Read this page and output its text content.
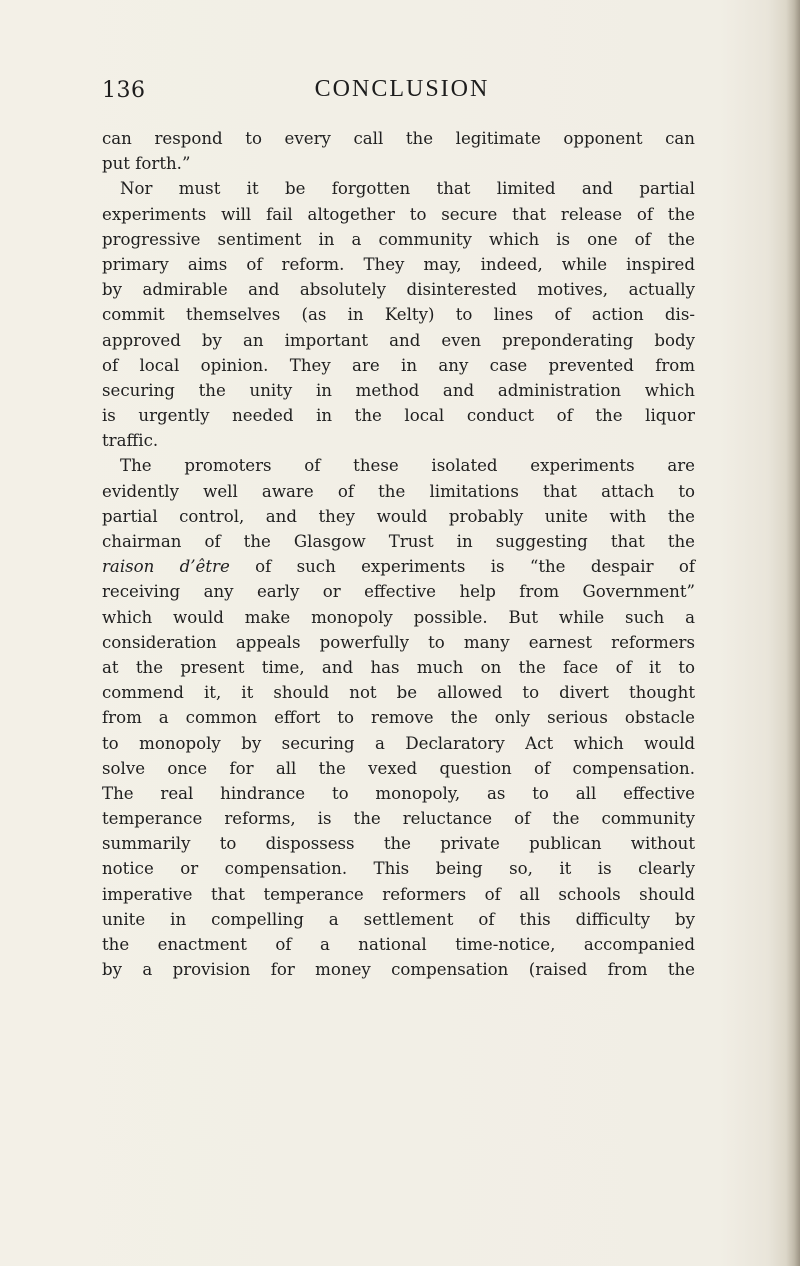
136	CONCLUSION
can respond to every call the legitimate opponent can
put forth.”
Nor must it be forgotten that limited and partial
experiments will fail altogether to secure that release of the
progressive sentiment in a community which is one of the
primary aims of reform. They may, indeed, while inspired
by admirable and absolutely disinterested motives, actually
commit themselves (as in Kelty) to lines of action dis-
approved by an important and even preponderating body
of local opinion. They are in any case prevented from
securing the unity in method and administration which
is urgently needed in the local conduct of the liquor
traffic.
The promoters of these isolated experiments are
evidently well aware of the limitations that attach to
partial control, and they would probably unite with the
chairman of the Glasgow Trust in suggesting that the
raison d’être of such experiments is “the despair of
receiving any early or effective help from Government”
which would make monopoly possible. But while such a
consideration appeals powerfully to many earnest reformers
at the present time, and has much on the face of it to
commend it, it should not be allowed to divert thought
from a common effort to remove the only serious obstacle
to monopoly by securing a Declaratory Act which would
solve once for all the vexed question of compensation.
The real hindrance to monopoly, as to all effective
temperance reforms, is the reluctance of the community
summarily to dispossess the private publican without
notice or compensation. This being so, it is clearly
imperative that temperance reformers of all schools should
unite in compelling a settlement of this difficulty by
the enactment of a national time-notice, accompanied
by a provision for money compensation (raised from the
